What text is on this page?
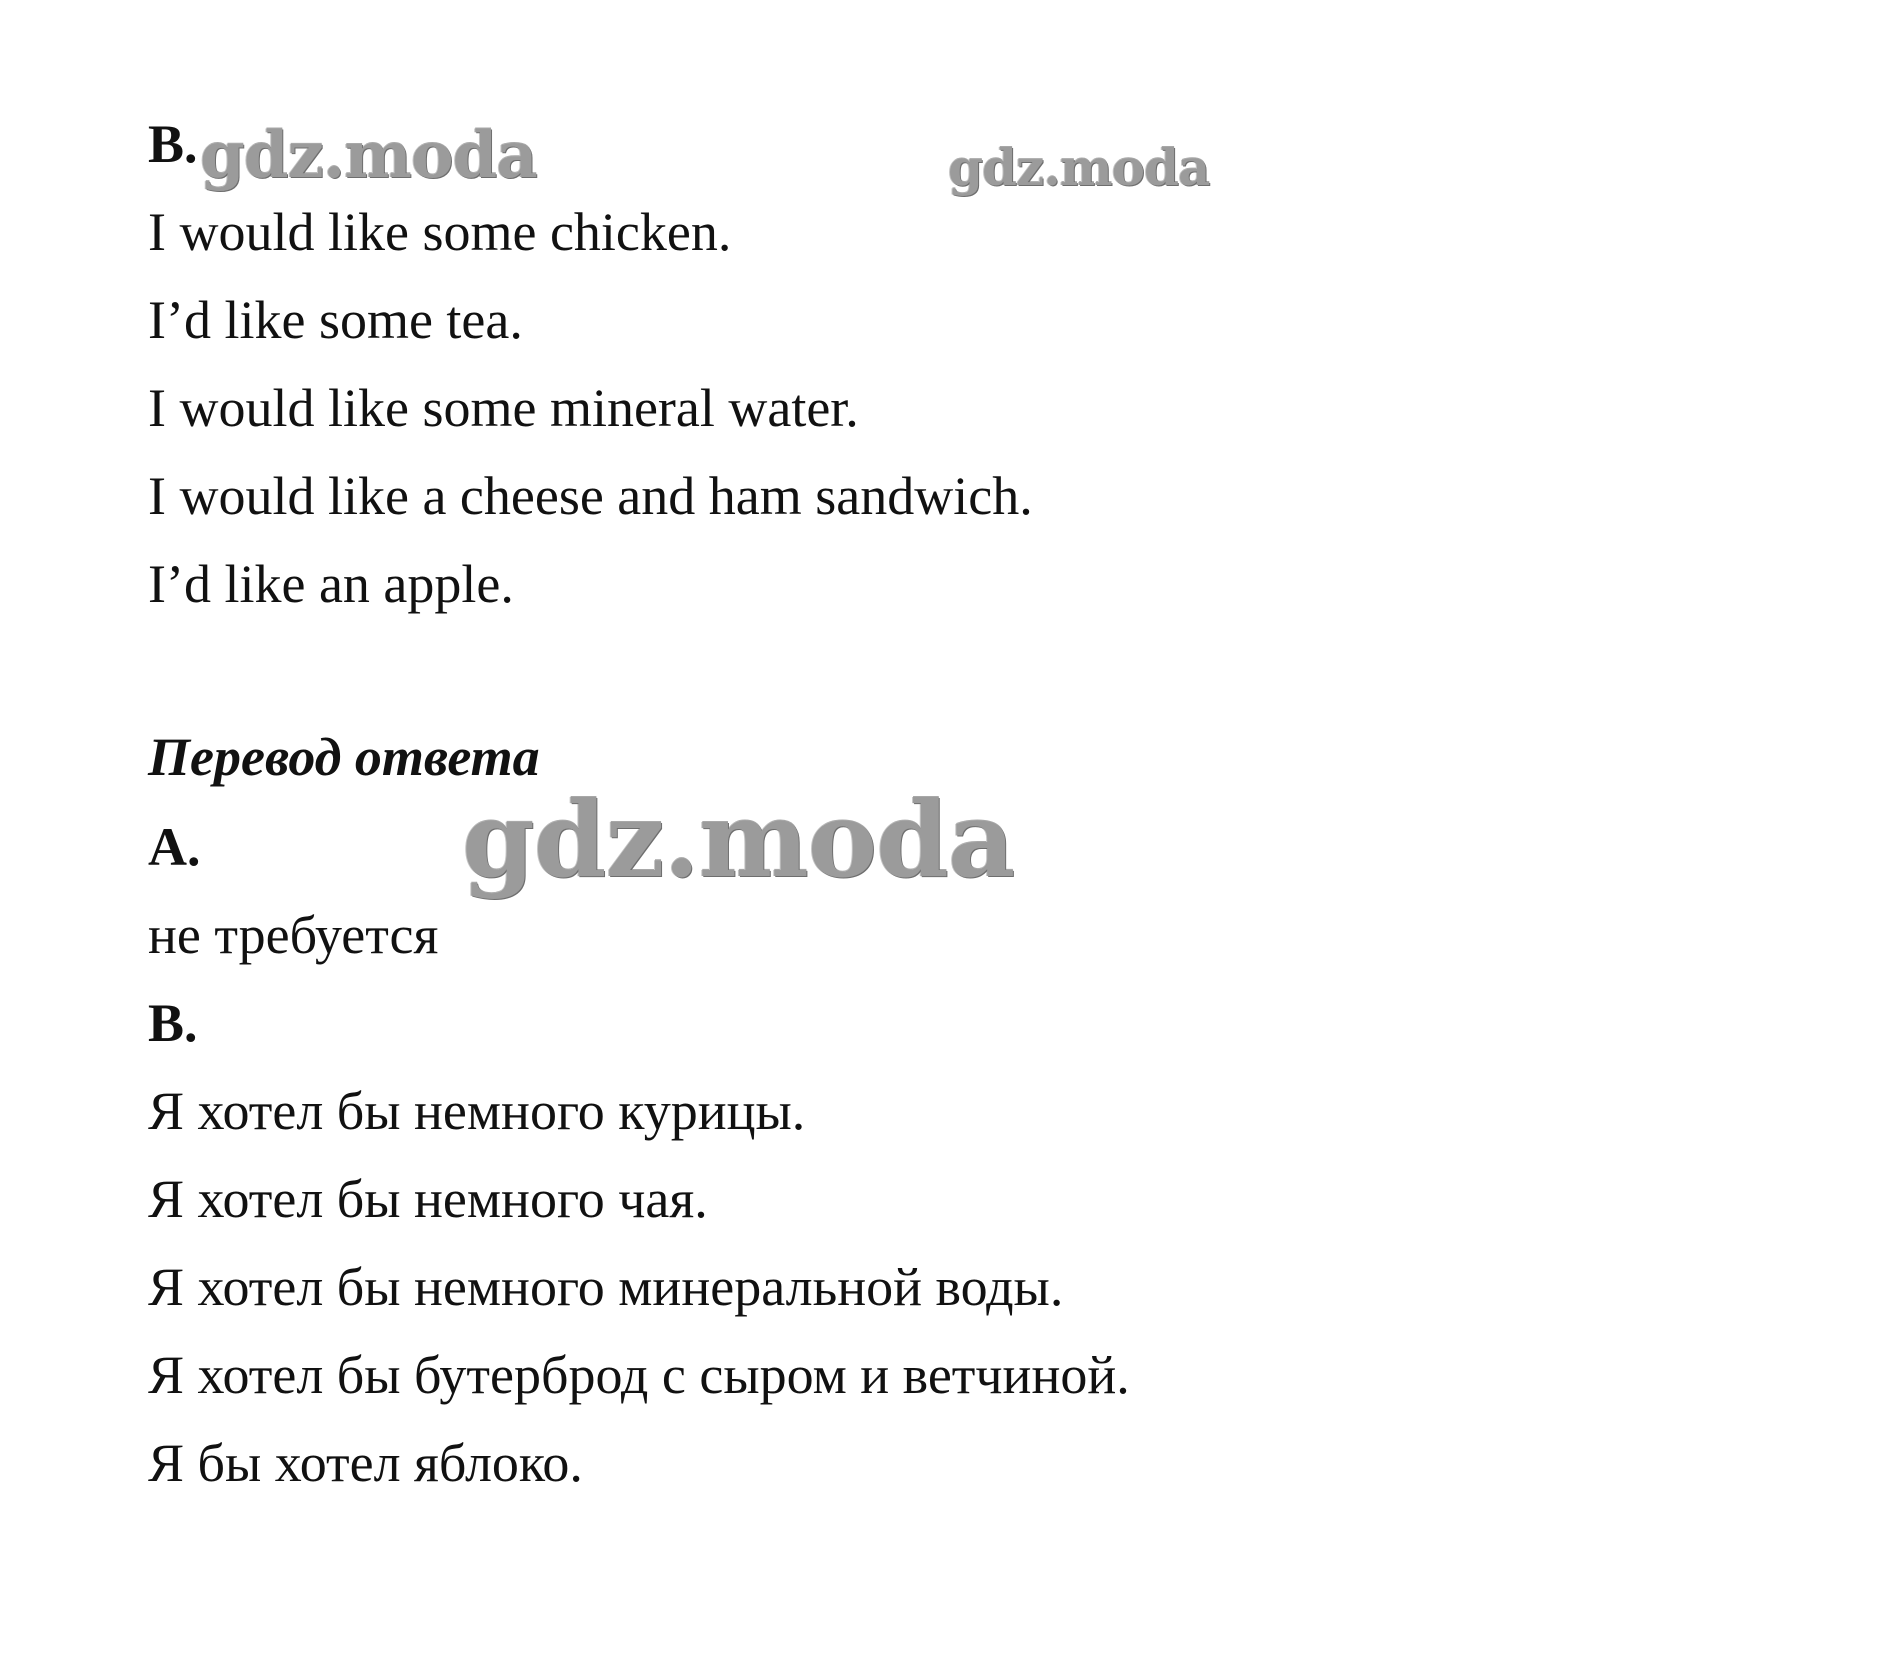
B.
I would like some chicken.
I’d like some tea.
I would like some mineral water.
I would like a cheese and ham sandwich.
I’d like an apple.
Перевод ответа
A.
не требуется
B.
Я хотел бы немного курицы.
Я хотел бы немного чая.
Я хотел бы немного минеральной воды.
Я хотел бы бутерброд с сыром и ветчиной.
Я бы хотел яблоко.
gdz.moda	gdz.moda
gdz.moda
